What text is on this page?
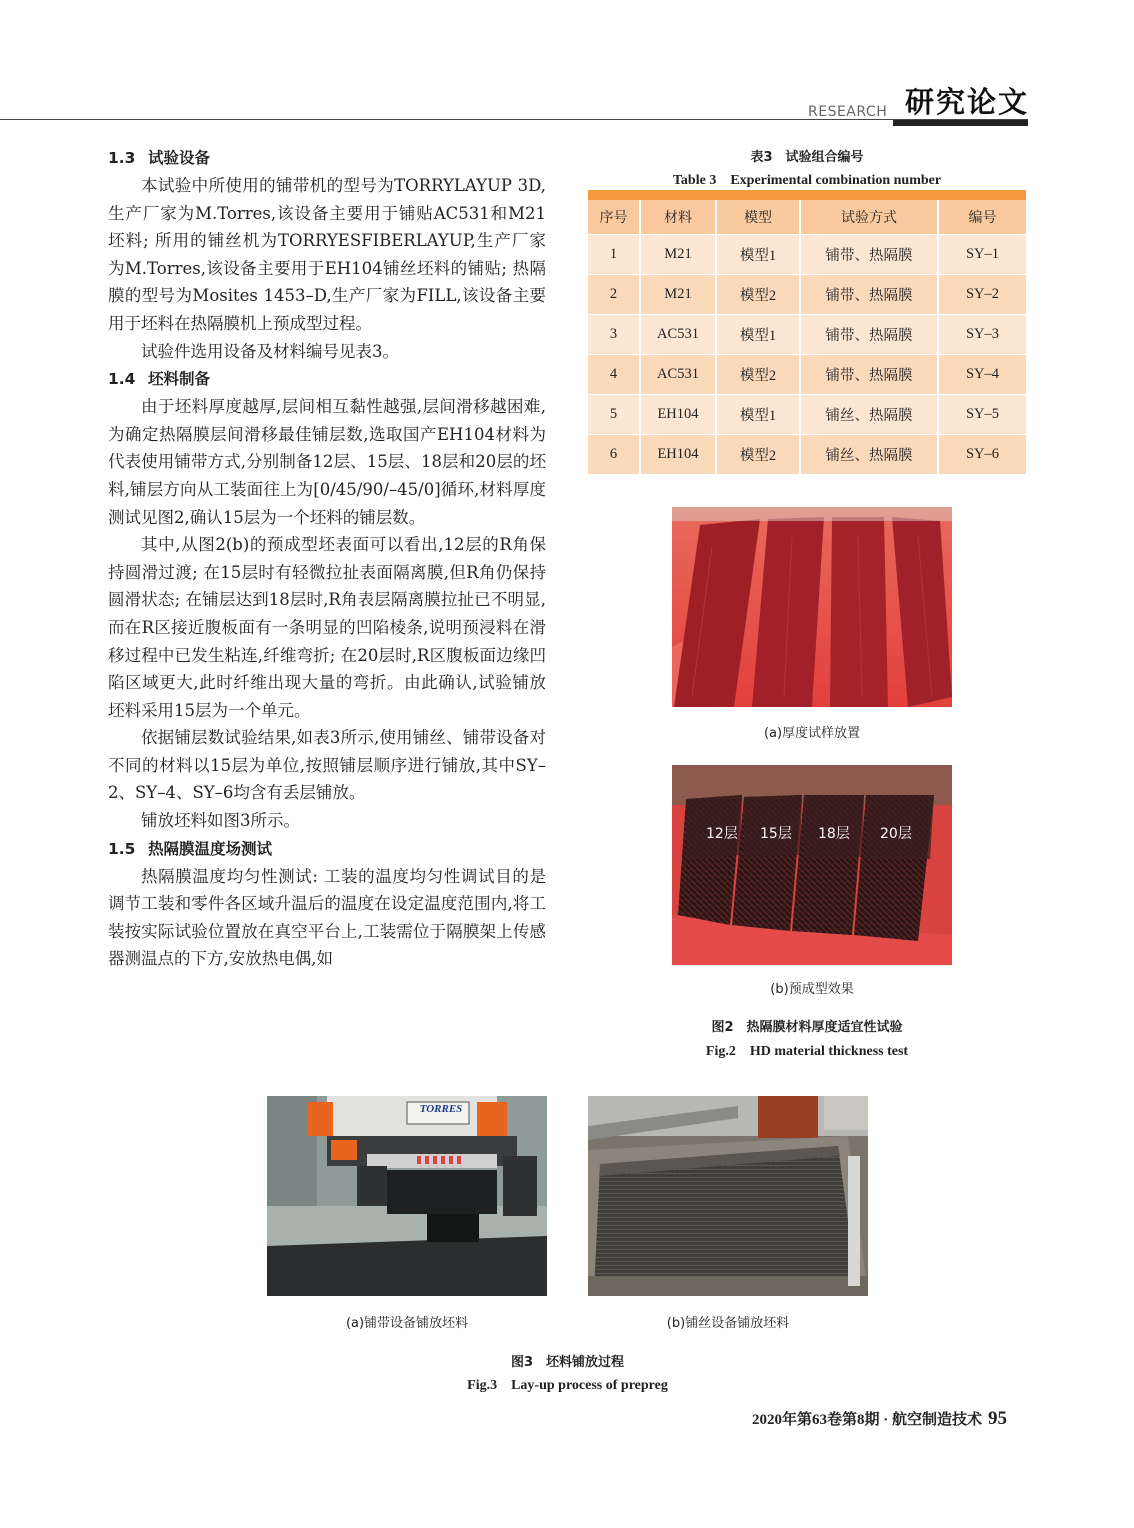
RESEARCH 研究论文
1.3 试验设备

本试验中所使用的铺带机的型号为TORRYLAYUP 3D,生产厂家为M.Torres,该设备主要用于铺贴AC531和M21坯料; 所用的铺丝机为TORRYESFIBERLAYUP,生产厂家为M.Torres,该设备主要用于EH104铺丝坯料的铺贴; 热隔膜的型号为Mosites 1453–D,生产厂家为FILL,该设备主要用于坯料在热隔膜机上预成型过程。

试验件选用设备及材料编号见表3。

1.4 坯料制备

由于坯料厚度越厚,层间相互黏性越强,层间滑移越困难,为确定热隔膜层间滑移最佳铺层数,选取国产EH104材料为代表使用铺带方式,分别制备12层、15层、18层和20层的坯料,铺层方向从工装面往上为[0/45/90/–45/0]循环,材料厚度测试见图2,确认15层为一个坯料的铺层数。

其中,从图2(b)的预成型坯表面可以看出,12层的R角保持圆滑过渡; 在15层时有轻微拉扯表面隔离膜,但R角仍保持圆滑状态; 在铺层达到18层时,R角表层隔离膜拉扯已不明显,而在R区接近腹板面有一条明显的凹陷棱条,说明预浸料在滑移过程中已发生粘连,纤维弯折; 在20层时,R区腹板面边缘凹陷区域更大,此时纤维出现大量的弯折。由此确认,试验铺放坯料采用15层为一个单元。

依据铺层数试验结果,如表3所示,使用铺丝、铺带设备对不同的材料以15层为单位,按照铺层顺序进行铺放,其中SY–2、SY–4、SY–6均含有丢层铺放。

铺放坯料如图3所示。

1.5 热隔膜温度场测试

热隔膜温度均匀性测试: 工装的温度均匀性调试目的是调节工装和零件各区域升温后的温度在设定温度范围内,将工装按实际试验位置放在真空平台上,工装需位于隔膜架上传感器测温点的下方,安放热电偶,如

表3　试验组合编号
Table 3　Experimental combination number
序号	材料	模型	试验方式	编号
1	M21	模型1	铺带、热隔膜	SY–1
2	M21	模型2	铺带、热隔膜	SY–2
3	AC531	模型1	铺带、热隔膜	SY–3
4	AC531	模型2	铺带、热隔膜	SY–4
5	EH104	模型1	铺丝、热隔膜	SY–5
6	EH104	模型2	铺丝、热隔膜	SY–6
(a)厚度试样放置
12层 15层 18层 20层
(b)预成型效果
图2　热隔膜材料厚度适宜性试验
Fig.2　HD material thickness test
TORRES
(a)铺带设备铺放坯料	(b)铺丝设备铺放坯料
图3　坯料铺放过程
Fig.3　Lay-up process of prepreg
2020年第63卷第8期 · 航空制造技术 95
